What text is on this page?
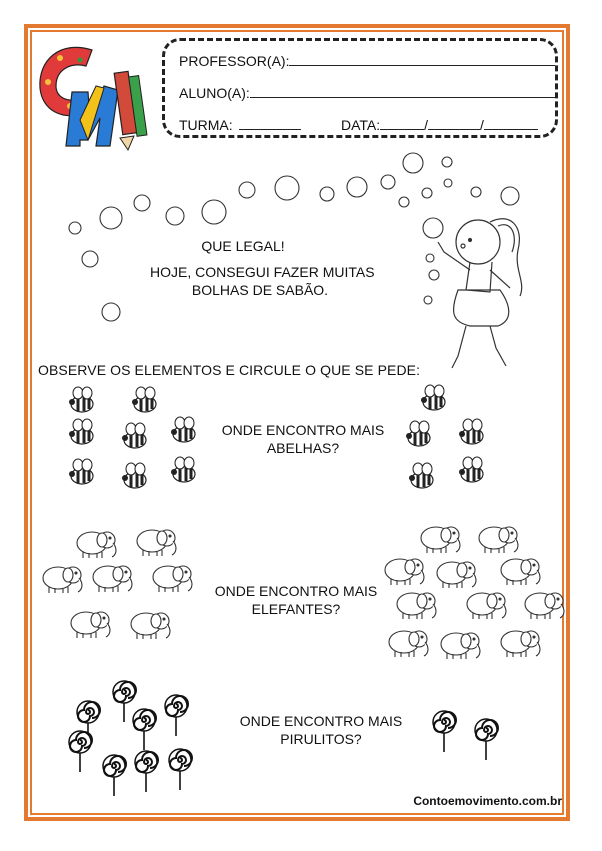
PROFESSOR(A):
ALUNO(A):
TURMA:	DATA:	/	/
QUE LEGAL!
HOJE, CONSEGUI FAZER MUITAS
BOLHAS DE SABÃO.
OBSERVE OS ELEMENTOS E CIRCULE O QUE SE PEDE:
ONDE ENCONTRO MAIS
ABELHAS?
ONDE ENCONTRO MAIS
ELEFANTES?
ONDE ENCONTRO MAIS
PIRULITOS?
Contoemovimento.com.br
